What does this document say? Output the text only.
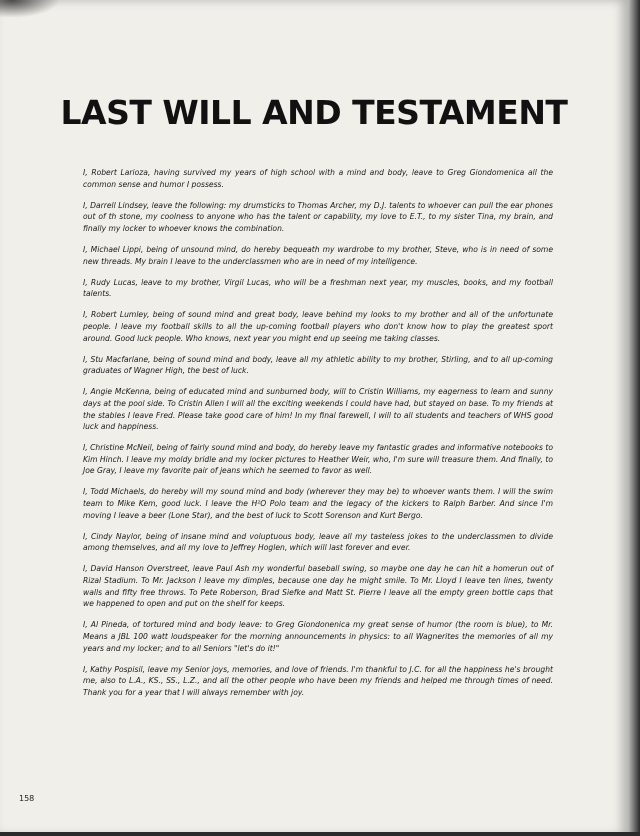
LAST WILL AND TESTAMENT

I, Robert Larioza, having survived my years of high school with a mind and body, leave to Greg Giondomenica all the common sense and humor I possess.

I, Darrell Lindsey, leave the following: my drumsticks to Thomas Archer, my D.J. talents to whoever can pull the ear phones out of th stone, my coolness to anyone who has the talent or capability, my love to E.T., to my sister Tina, my brain, and finally my locker to whoever knows the combination.

I, Michael Lippi, being of unsound mind, do hereby bequeath my wardrobe to my brother, Steve, who is in need of some new threads. My brain I leave to the underclassmen who are in need of my intelligence.

I, Rudy Lucas, leave to my brother, Virgil Lucas, who will be a freshman next year, my muscles, books, and my football talents.

I, Robert Lumley, being of sound mind and great body, leave behind my looks to my brother and all of the unfortunate people. I leave my football skills to all the up-coming football players who don't know how to play the greatest sport around. Good luck people. Who knows, next year you might end up seeing me taking classes.

I, Stu Macfarlane, being of sound mind and body, leave all my athletic ability to my brother, Stirling, and to all up-coming graduates of Wagner High, the best of luck.

I, Angie McKenna, being of educated mind and sunburned body, will to Cristin Williams, my eagerness to learn and sunny days at the pool side. To Cristin Allen I will all the exciting weekends I could have had, but stayed on base. To my friends at the stables I leave Fred. Please take good care of him! In my final farewell, I will to all students and teachers of WHS good luck and happiness.

I, Christine McNeil, being of fairly sound mind and body, do hereby leave my fantastic grades and informative notebooks to Kim Hinch. I leave my moldy bridle and my locker pictures to Heather Weir, who, I'm sure will treasure them. And finally, to Joe Gray, I leave my favorite pair of jeans which he seemed to favor as well.

I, Todd Michaels, do hereby will my sound mind and body (wherever they may be) to whoever wants them. I will the swim team to Mike Kem, good luck. I leave the H²O Polo team and the legacy of the kickers to Ralph Barber. And since I'm moving I leave a beer (Lone Star), and the best of luck to Scott Sorenson and Kurt Bergo.

I, Cindy Naylor, being of insane mind and voluptuous body, leave all my tasteless jokes to the underclassmen to divide among themselves, and all my love to Jeffrey Hoglen, which will last forever and ever.

I, David Hanson Overstreet, leave Paul Ash my wonderful baseball swing, so maybe one day he can hit a homerun out of Rizal Stadium. To Mr. Jackson I leave my dimples, because one day he might smile. To Mr. Lloyd I leave ten lines, twenty walls and fifty free throws. To Pete Roberson, Brad Siefke and Matt St. Pierre I leave all the empty green bottle caps that we happened to open and put on the shelf for keeps.

I, Al Pineda, of tortured mind and body leave: to Greg Giondonenica my great sense of humor (the room is blue), to Mr. Means a JBL 100 watt loudspeaker for the morning announcements in physics: to all Wagnerites the memories of all my years and my locker; and to all Seniors "let's do it!"

I, Kathy Pospisil, leave my Senior joys, memories, and love of friends. I'm thankful to J.C. for all the happiness he's brought me, also to L.A., KS., SS., L.Z., and all the other people who have been my friends and helped me through times of need. Thank you for a year that I will always remember with joy.

158
